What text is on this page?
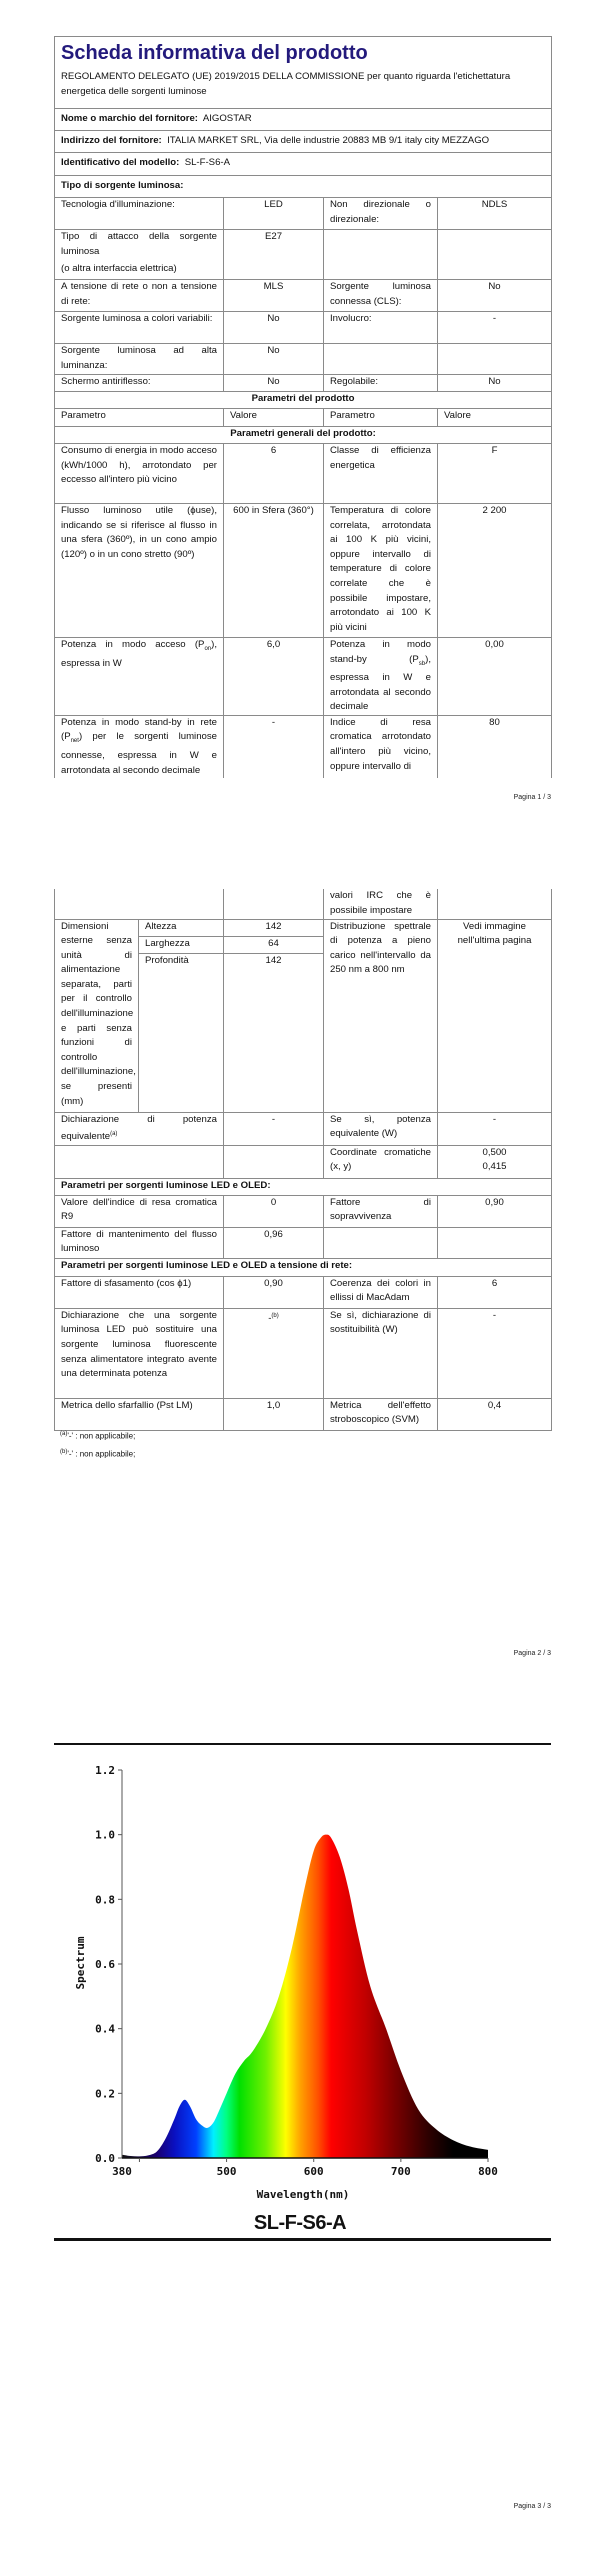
Scheda informativa del prodotto
REGOLAMENTO DELEGATO (UE) 2019/2015 DELLA COMMISSIONE per quanto riguarda l'etichettatura energetica delle sorgenti luminose			

Nome o marchio del fornitore: AIGOSTAR			
Indirizzo del fornitore: ITALIA MARKET SRL, Via delle industrie 20883 MB 9/1 italy city MEZZAGO			
Identificativo del modello: SL-F-S6-A			
Tipo di sorgente luminosa:			
Tecnologia d'illuminazione:	LED	Non direzionale o direzionale:	NDLS

Tipo di attacco della sorgente luminosa
(o altra interfaccia elettrica)	E27		
A tensione di rete o non a tensione di rete:	MLS	Sorgente luminosa connessa (CLS):	No
Sorgente luminosa a colori variabili:	No	Involucro:	-
Sorgente luminosa ad alta luminanza:	No		
Schermo antiriflesso:	No	Regolabile:	No
Parametri del prodotto			
Parametro	Valore	Parametro	Valore
Parametri generali del prodotto:			
Consumo di energia in modo acceso (kWh/1000 h), arrotondato per eccesso all'intero più vicino	6	Classe di efficienza energetica	F
Flusso luminoso utile (ϕuse), indicando se si riferisce al flusso in una sfera (360º), in un cono ampio (120º) o in un cono stretto (90º)	600 in Sfera (360°)	Temperatura di colore correlata, arrotondata ai 100 K più vicini, oppure intervallo di temperature di colore correlate che è possibile impostare, arrotondato ai 100 K più vicini	2 200
Potenza in modo acceso $(P_{on})$, espressa in W	6,0	Potenza in modo stand-by $(P_{sb})$, espressa in W e arrotondata al secondo decimale	0,00
Potenza in modo stand-by in rete $(P_{net})$ per le sorgenti luminose connesse, espressa in W e arrotondata al secondo decimale	-	Indice di resa cromatica arrotondato all'intero più vicino, oppure intervallo di	80
Pagina 1 / 3
			valori IRC che è possibile impostare	
Dimensioni esterne senza unità di alimentazione separata, parti per il controllo dell'illuminazione e parti senza funzioni di controllo dell'illuminazione, se presenti (mm)	Altezza	142	Distribuzione spettrale di potenza a pieno carico nell'intervallo da 250 nm a 800 nm	Vedi immagine nell'ultima pagina
	Larghezza	64		
	Profondità	142		
Dichiarazione di potenza equivalente$^{(a)}$		-	Se sì, potenza equivalente (W)	-
			Coordinate cromatiche (x, y)	0,500
0,415

Parametri per sorgenti luminose LED e OLED:				
Valore dell'indice di resa cromatica R9		0	Fattore di sopravvivenza	0,90
Fattore di mantenimento del flusso luminoso		0,96		
Parametri per sorgenti luminose LED e OLED a tensione di rete:				
Fattore di sfasamento (cos ϕ1)		0,90	Coerenza dei colori in ellissi di MacAdam	6
Dichiarazione che una sorgente luminosa LED può sostituire una sorgente luminosa fluorescente senza alimentatore integrato avente una determinata potenza		-$^{(b)}$	Se sì, dichiarazione di sostituibilità (W)	-
Metrica dello sfarfallio (Pst LM)		1,0	Metrica dell'effetto stroboscopico (SVM)	0,4
$^{(a)}$'-' : non applicabile;
$^{(b)}$'-' : non applicabile;
Pagina 2 / 3
0.0
0.2
0.4
0.6
0.8
1.0
1.2
380	500	600	700	800
Spectrum
Wavelength(nm)
SL-F-S6-A
Pagina 3 / 3
